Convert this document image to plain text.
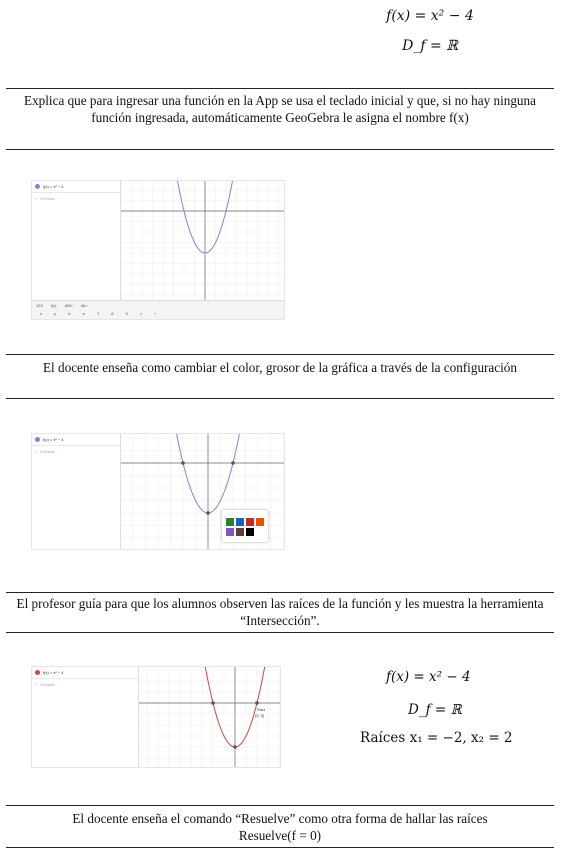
f(x) = x² − 4
D_f = ℝ
Explica que para ingresar una función en la App se usa el teclado inicial y que, si no hay ninguna función ingresada, automáticamente GeoGebra le asigna el nombre f(x)
f(x) = x² − 4
+ Entrada...
123 f(x) ABC #&¬
x	y	π	e	7	8	9	×	÷
El docente enseña como cambiar el color, grosor de la gráfica a través de la configuración
f(x) = x² − 4
+ Entrada...
El profesor guía para que los alumnos observen las raíces de la función y les muestra la herramienta “Intersección”.
f(x) = x² − 4
+ Entrada...
Raíz
(2, 0)
f(x) = x² − 4
D_f = ℝ
Raíces x₁ = −2, x₂ = 2
El docente enseña el comando “Resuelve” como otra forma de hallar las raíces
Resuelve(f = 0)
